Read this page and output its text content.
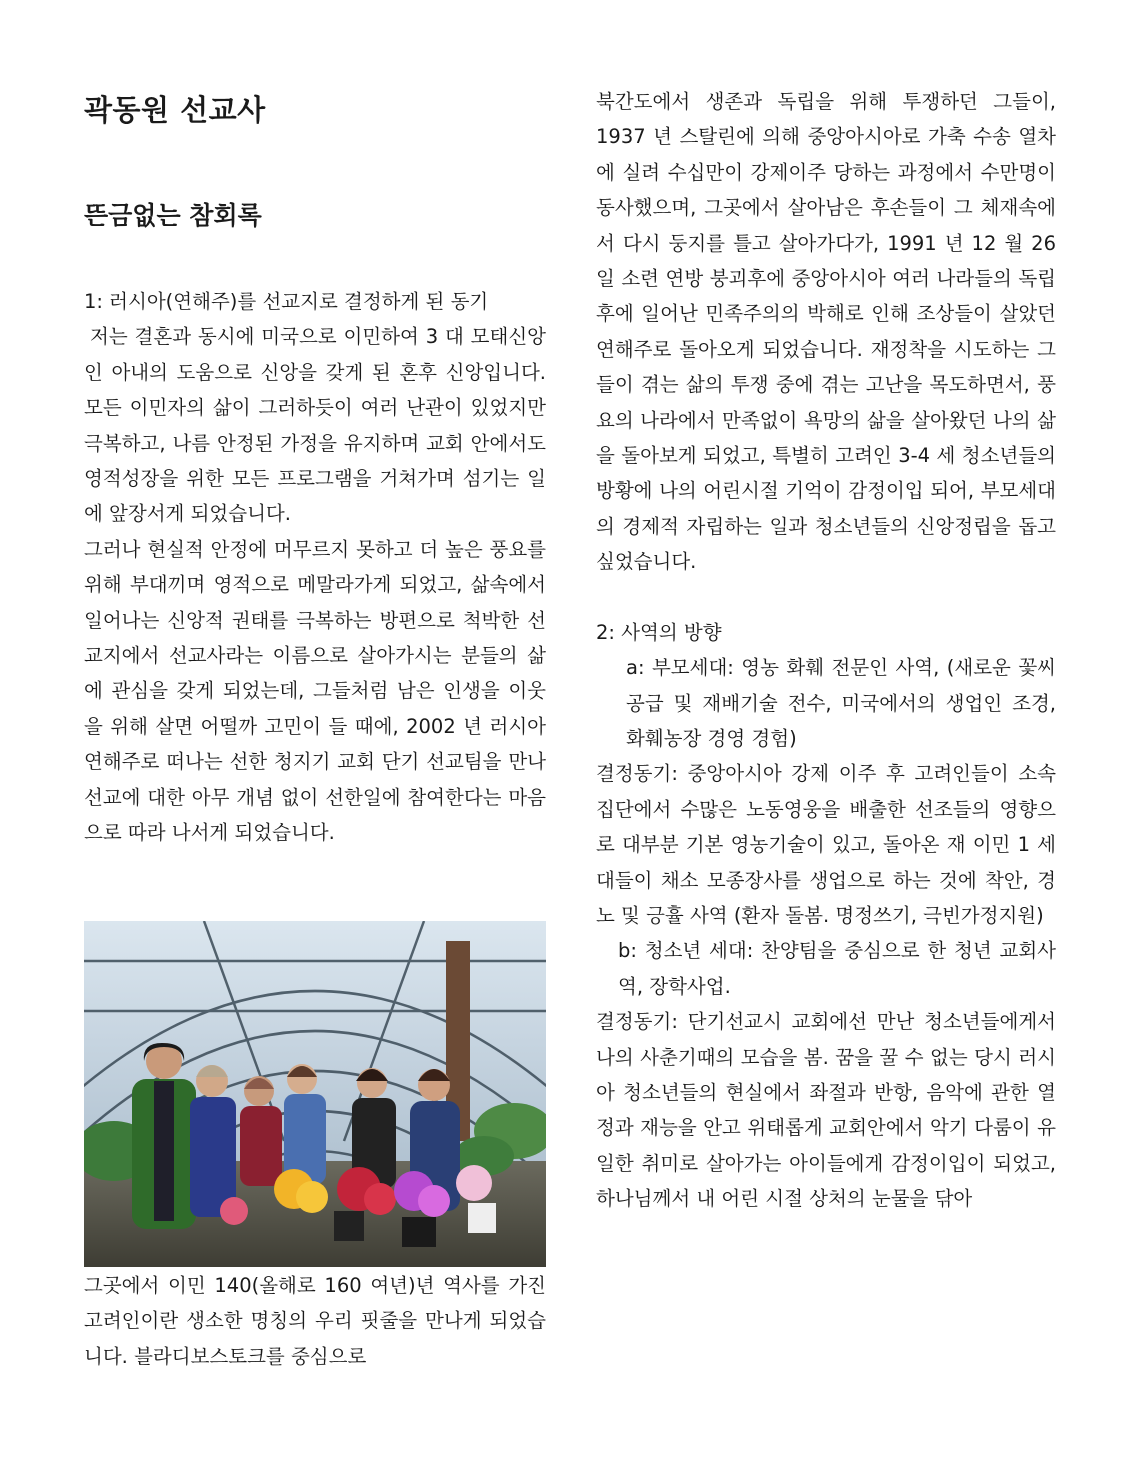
곽동원 선교사
뜬금없는 참회록

1: 러시아(연해주)를 선교지로 결정하게 된 동기

저는 결혼과 동시에 미국으로 이민하여 3 대 모태신앙인 아내의 도움으로 신앙을 갖게 된 혼후 신앙입니다. 모든 이민자의 삶이 그러하듯이 여러 난관이 있었지만 극복하고, 나름 안정된 가정을 유지하며 교회 안에서도 영적성장을 위한 모든 프로그램을 거쳐가며 섬기는 일에 앞장서게 되었습니다.

그러나 현실적 안정에 머무르지 못하고 더 높은 풍요를 위해 부대끼며 영적으로 메말라가게 되었고, 삶속에서 일어나는 신앙적 권태를 극복하는 방편으로 척박한 선교지에서 선교사라는 이름으로 살아가시는 분들의 삶에 관심을 갖게 되었는데, 그들처럼 남은 인생을 이웃을 위해 살면 어떨까 고민이 들 때에, 2002 년 러시아 연해주로 떠나는 선한 청지기 교회 단기 선교팀을 만나 선교에 대한 아무 개념 없이 선한일에 참여한다는 마음으로 따라 나서게 되었습니다.

그곳에서 이민 140(올해로 160 여년)년 역사를 가진 고려인이란 생소한 명칭의 우리 핏줄을 만나게 되었습니다. 블라디보스토크를 중심으로

북간도에서 생존과 독립을 위해 투쟁하던 그들이, 1937 년 스탈린에 의해 중앙아시아로 가축 수송 열차에 실려 수십만이 강제이주 당하는 과정에서 수만명이 동사했으며, 그곳에서 살아남은 후손들이 그 체재속에서 다시 둥지를 틀고 살아가다가, 1991 년 12 월 26 일 소련 연방 붕괴후에 중앙아시아 여러 나라들의 독립후에 일어난 민족주의의 박해로 인해 조상들이 살았던 연해주로 돌아오게 되었습니다. 재정착을 시도하는 그들이 겪는 삶의 투쟁 중에 겪는 고난을 목도하면서, 풍요의 나라에서 만족없이 욕망의 삶을 살아왔던 나의 삶을 돌아보게 되었고, 특별히 고려인 3-4 세 청소년들의 방황에 나의 어린시절 기억이 감정이입 되어, 부모세대의 경제적 자립하는 일과 청소년들의 신앙정립을 돕고 싶었습니다.

2: 사역의 방향

a: 부모세대: 영농 화훼 전문인 사역, (새로운 꽃씨 공급 및 재배기술 전수, 미국에서의 생업인 조경, 화훼농장 경영 경험)

결정동기: 중앙아시아 강제 이주 후 고려인들이 소속 집단에서 수많은 노동영웅을 배출한 선조들의 영향으로 대부분 기본 영농기술이 있고, 돌아온 재 이민 1 세대들이 채소 모종장사를 생업으로 하는 것에 착안, 경노 및 긍휼 사역 (환자 돌봄. 명정쓰기, 극빈가정지원)

b: 청소년 세대: 찬양팀을 중심으로 한 청년 교회사역, 장학사업.

결정동기: 단기선교시 교회에선 만난 청소년들에게서 나의 사춘기때의 모습을 봄. 꿈을 꿀 수 없는 당시 러시아 청소년들의 현실에서 좌절과 반항, 음악에 관한 열정과 재능을 안고 위태롭게 교회안에서 악기 다룸이 유일한 취미로 살아가는 아이들에게 감정이입이 되었고, 하나님께서 내 어린 시절 상처의 눈물을 닦아
